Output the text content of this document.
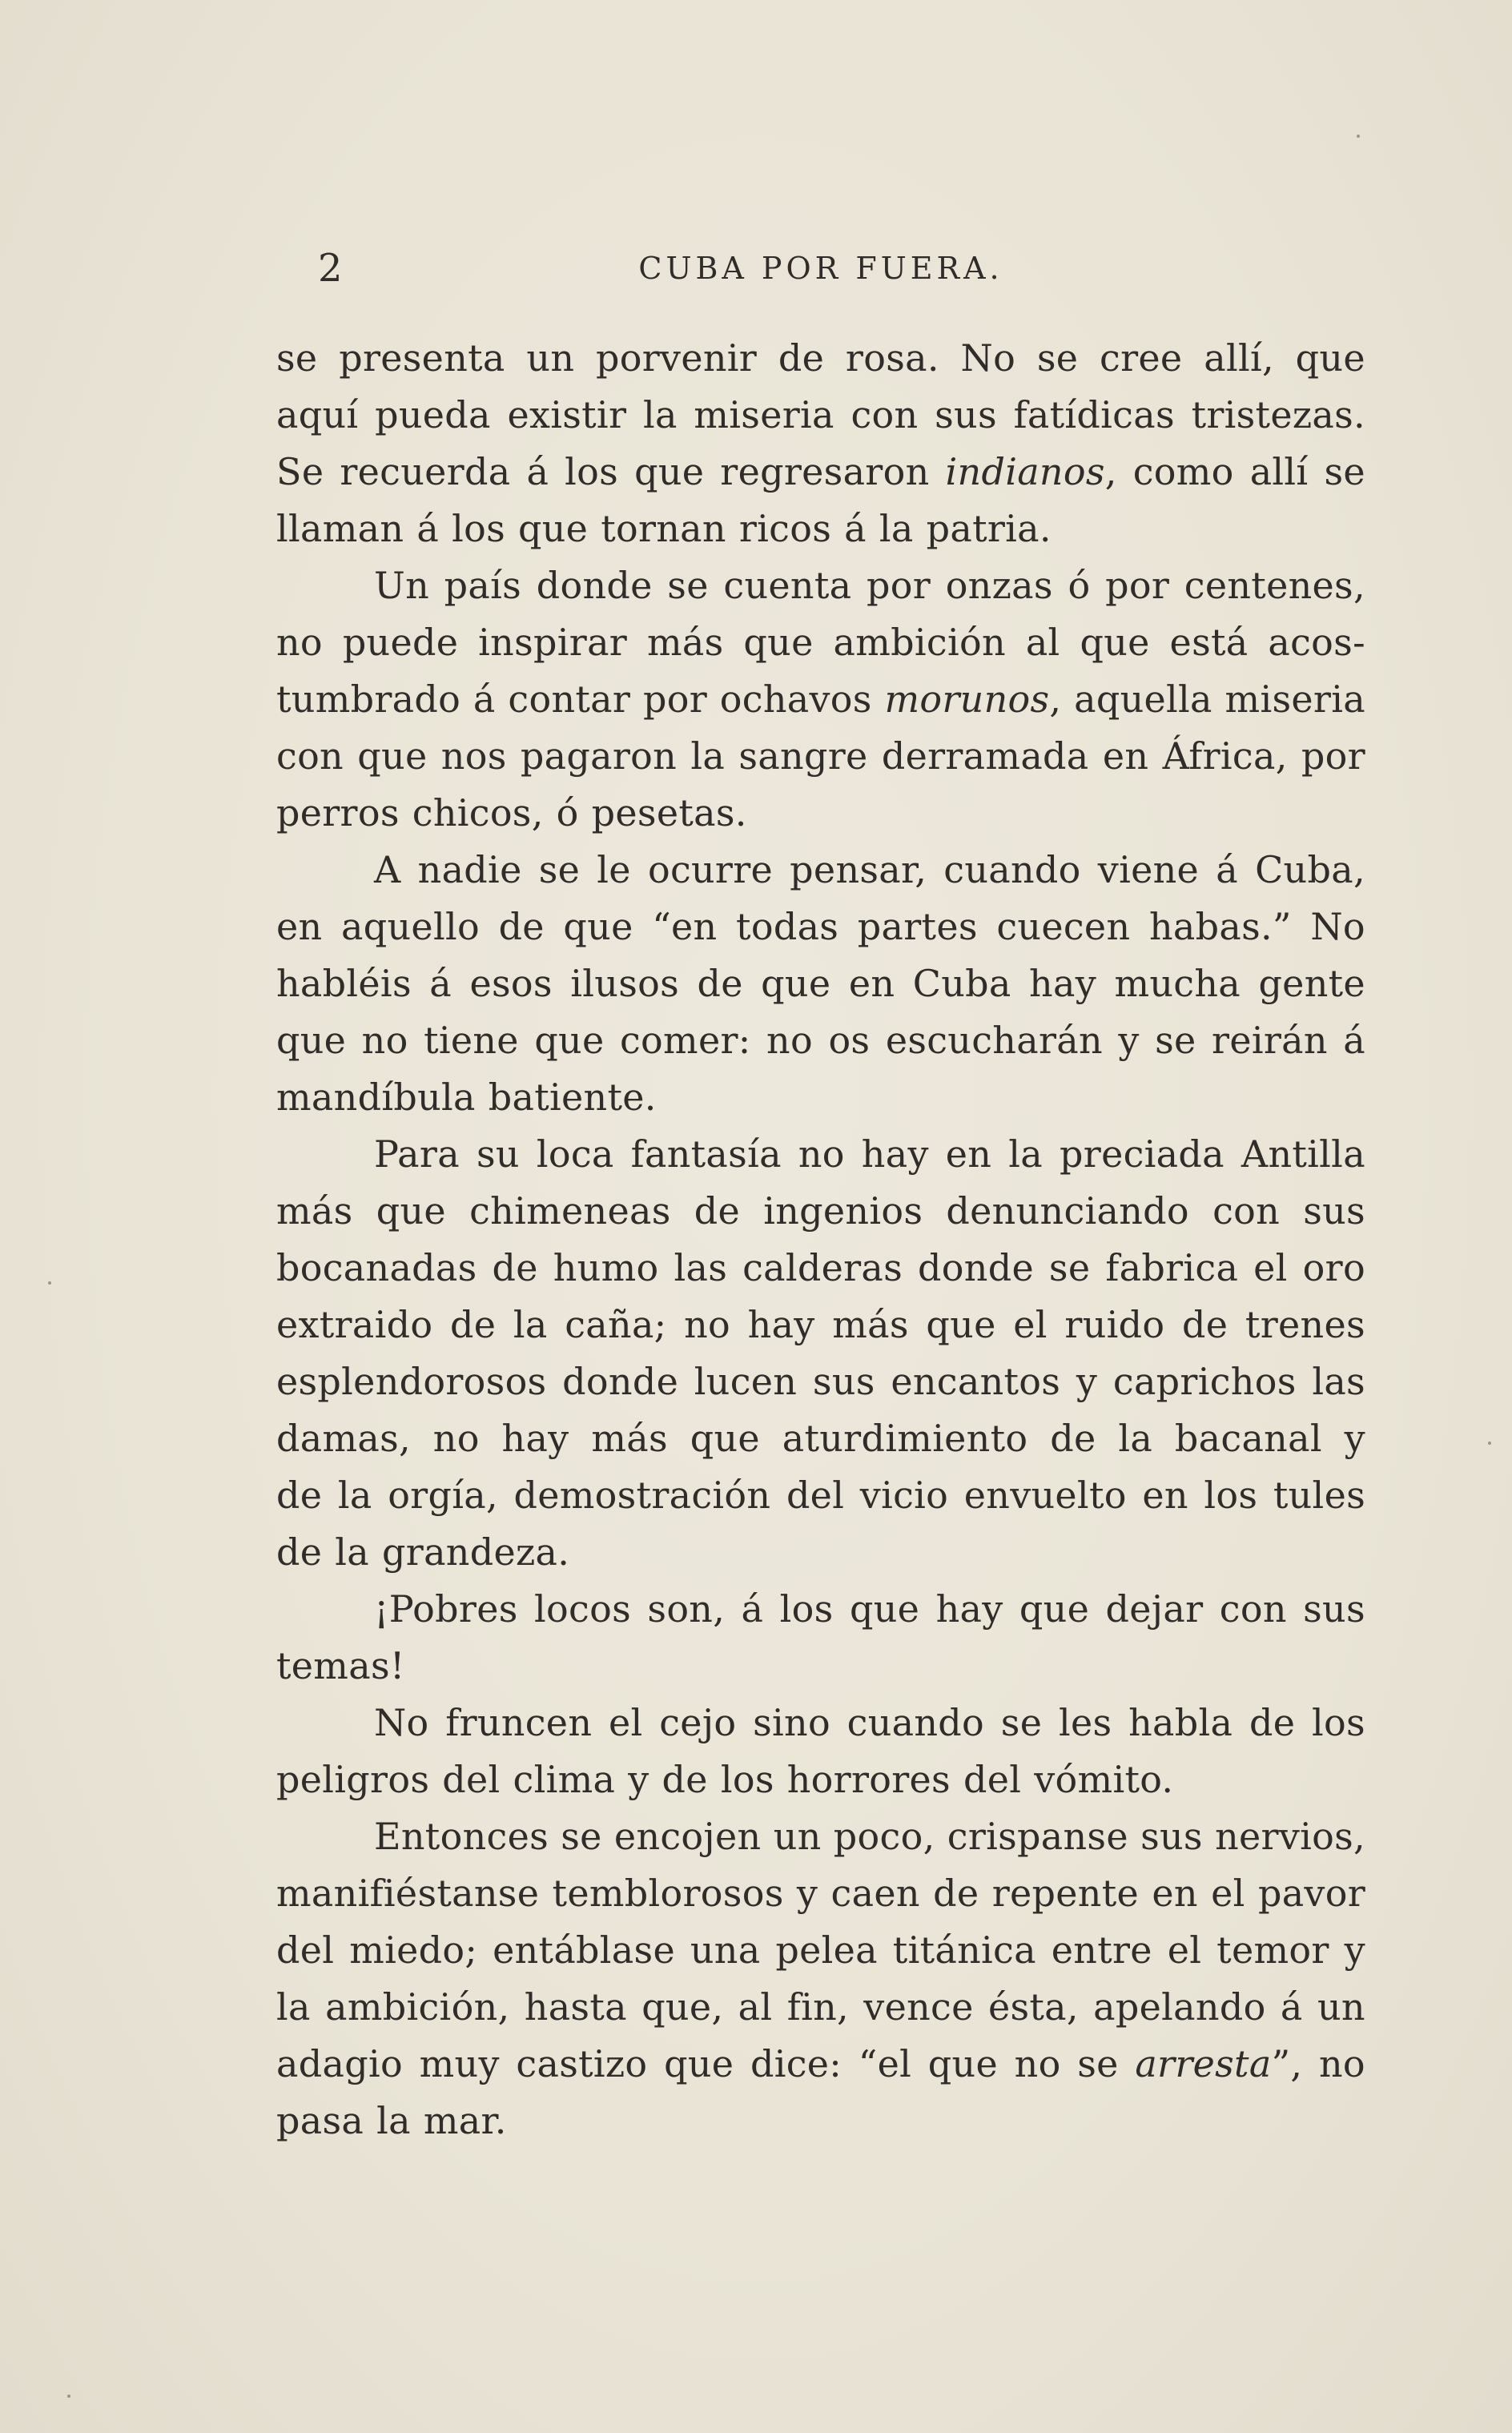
2	CUBA POR FUERA.
se presenta un porvenir de rosa. No se cree allí, que
aquí pueda existir la miseria con sus fatídicas tristezas.
Se recuerda á los que regresaron indianos, como allí se
llaman á los que tornan ricos á la patria.
Un país donde se cuenta por onzas ó por centenes,
no puede inspirar más que ambición al que está acos-
tumbrado á contar por ochavos morunos, aquella miseria
con que nos pagaron la sangre derramada en África, por
perros chicos, ó pesetas.
A nadie se le ocurre pensar, cuando viene á Cuba,
en aquello de que “en todas partes cuecen habas.” No
habléis á esos ilusos de que en Cuba hay mucha gente
que no tiene que comer: no os escucharán y se reirán á
mandíbula batiente.
Para su loca fantasía no hay en la preciada Antilla
más que chimeneas de ingenios denunciando con sus
bocanadas de humo las calderas donde se fabrica el oro
extraido de la caña; no hay más que el ruido de trenes
esplendorosos donde lucen sus encantos y caprichos las
damas, no hay más que aturdimiento de la bacanal y
de la orgía, demostración del vicio envuelto en los tules
de la grandeza.
¡Pobres locos son, á los que hay que dejar con sus
temas!
No fruncen el cejo sino cuando se les habla de los
peligros del clima y de los horrores del vómito.
Entonces se encojen un poco, crispanse sus nervios,
manifiéstanse temblorosos y caen de repente en el pavor
del miedo; entáblase una pelea titánica entre el temor y
la ambición, hasta que, al fin, vence ésta, apelando á un
adagio muy castizo que dice: “el que no se arresta”, no
pasa la mar.
